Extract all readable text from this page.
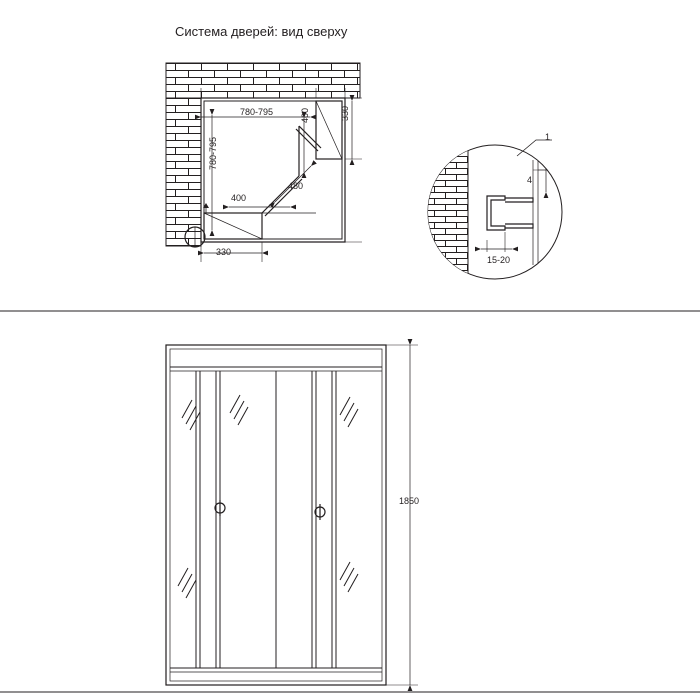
Система дверей: вид сверху
780-795
780-795
400	330
400
480
330
4
15-20
1
1850
